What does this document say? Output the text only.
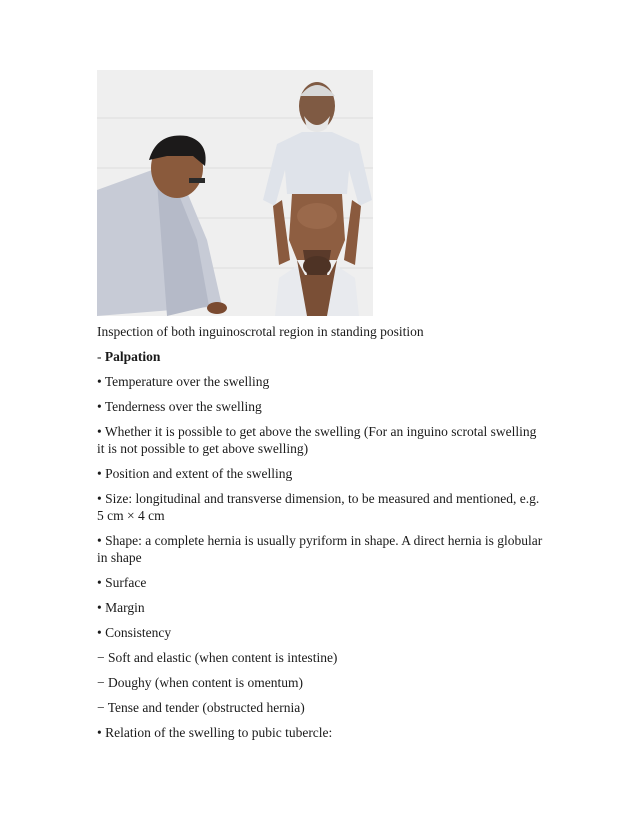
Inspection of both inguinoscrotal region in standing position
- Palpation
• Temperature over the swelling
• Tenderness over the swelling
• Whether it is possible to get above the swelling (For an inguino scrotal swelling it is not possible to get above swelling)
• Position and extent of the swelling
• Size: longitudinal and transverse dimension, to be measured and mentioned, e.g. 5 cm × 4 cm
• Shape: a complete hernia is usually pyriform in shape. A direct hernia is globular in shape
• Surface
• Margin
• Consistency
− Soft and elastic (when content is intestine)
− Doughy (when content is omentum)
− Tense and tender (obstructed hernia)
• Relation of the swelling to pubic tubercle:
